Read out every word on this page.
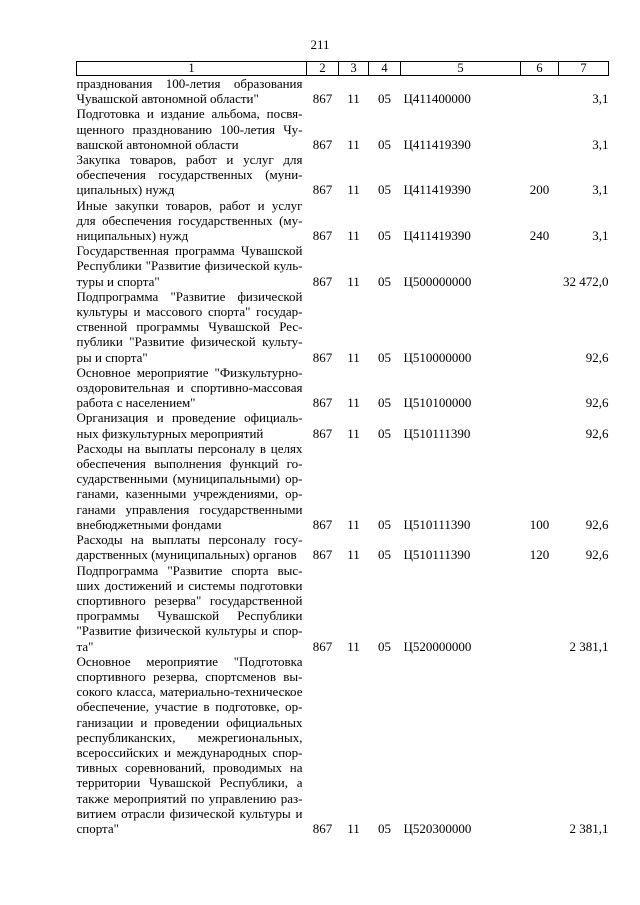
211
1	2	3	4	5	6	7
празднования 100-летия образования Чувашской автономной области"	867	11	05	Ц411400000		3,1
Подготовка и издание альбома, посвя-щенного празднованию 100-летия Чу-вашской автономной области	867	11	05	Ц411419390		3,1
Закупка товаров, работ и услуг для обеспечения государственных (муни-ципальных) нужд	867	11	05	Ц411419390	200	3,1
Иные закупки товаров, работ и услуг для обеспечения государственных (му-ниципальных) нужд	867	11	05	Ц411419390	240	3,1
Государственная программа Чувашской Республики "Развитие физической куль-туры и спорта"	867	11	05	Ц500000000		32 472,0
Подпрограмма "Развитие физической культуры и массового спорта" государ-ственной программы Чувашской Рес-публики "Развитие физической культу-ры и спорта"	867	11	05	Ц510000000		92,6
Основное мероприятие "Физкультурно-оздоровительная и спортивно-массовая работа с населением"	867	11	05	Ц510100000		92,6
Организация и проведение официаль-ных физкультурных мероприятий	867	11	05	Ц510111390		92,6
Расходы на выплаты персоналу в целях обеспечения выполнения функций го-сударственными (муниципальными) ор-ганами, казенными учреждениями, ор-ганами управления государственными внебюджетными фондами	867	11	05	Ц510111390	100	92,6
Расходы на выплаты персоналу госу-дарственных (муниципальных) органов	867	11	05	Ц510111390	120	92,6
Подпрограмма "Развитие спорта выс-ших достижений и системы подготовки спортивного резерва" государственной программы Чувашской Республики "Развитие физической культуры и спор-та"	867	11	05	Ц520000000		2 381,1
Основное мероприятие "Подготовка спортивного резерва, спортсменов вы-сокого класса, материально-техническое обеспечение, участие в подготовке, ор-ганизации и проведении официальных республиканских, межрегиональных, всероссийских и международных спор-тивных соревнований, проводимых на территории Чувашской Республики, а также мероприятий по управлению раз-витием отрасли физической культуры и спорта"	867	11	05	Ц520300000		2 381,1
